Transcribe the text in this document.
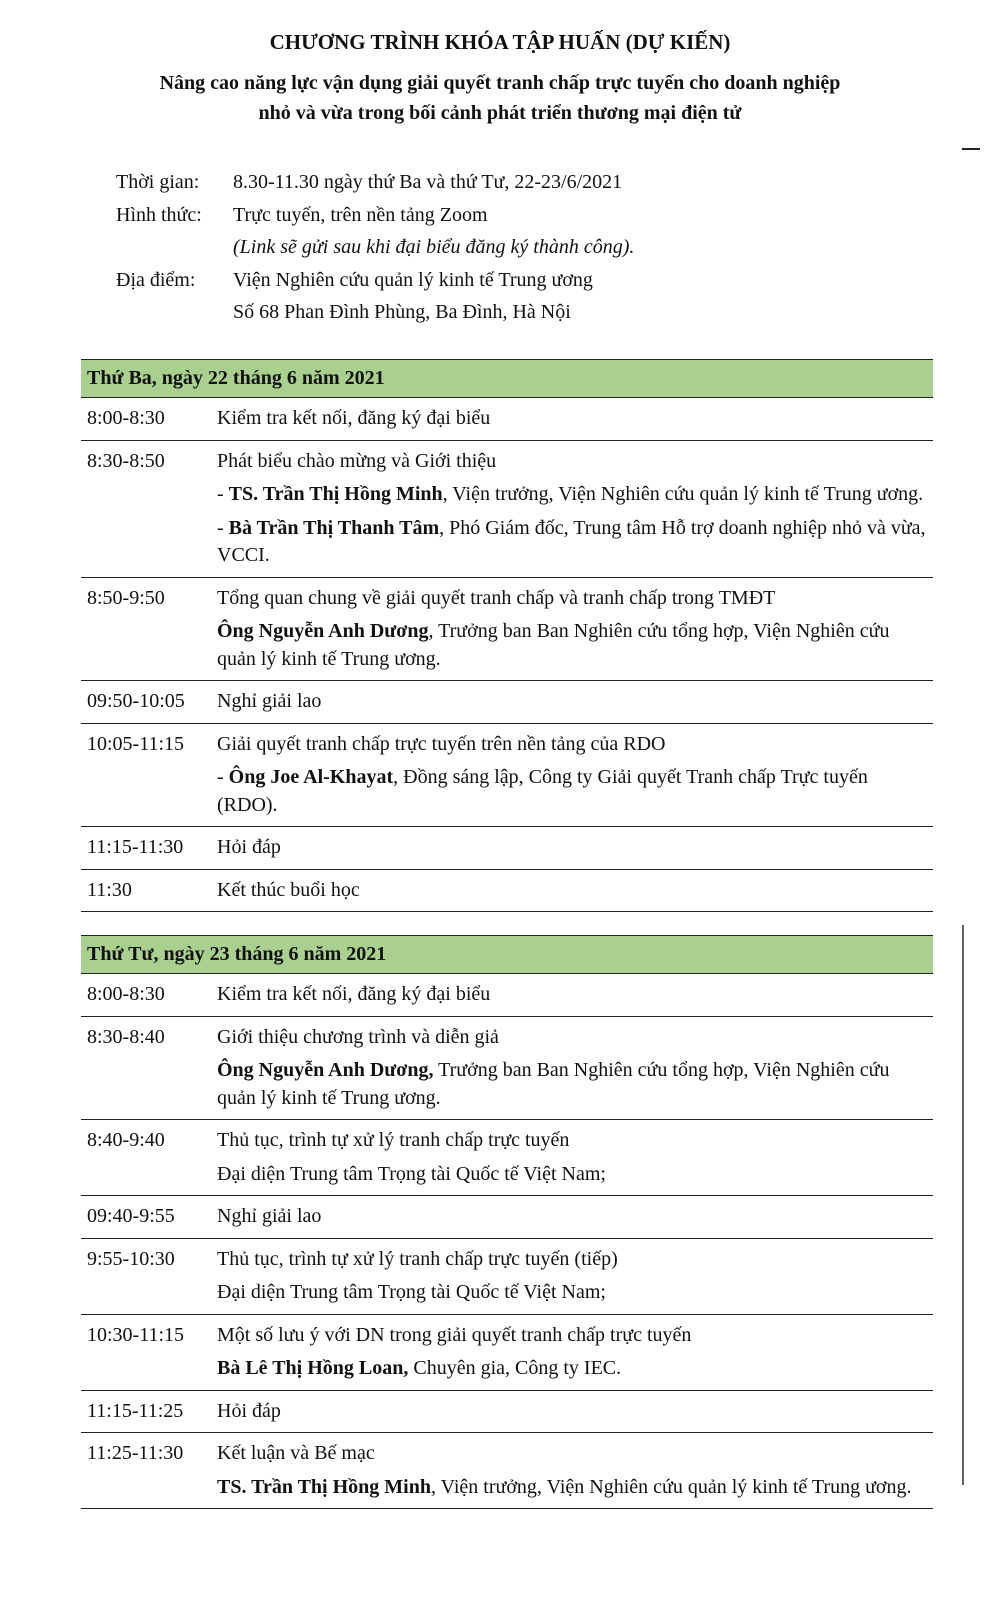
CHƯƠNG TRÌNH KHÓA TẬP HUẤN (DỰ KIẾN)
Nâng cao năng lực vận dụng giải quyết tranh chấp trực tuyến cho doanh nghiệp
nhỏ và vừa trong bối cảnh phát triển thương mại điện tử
Thời gian:	8.30-11.30 ngày thứ Ba và thứ Tư, 22-23/6/2021
Hình thức:	Trực tuyến, trên nền tảng Zoom
(Link sẽ gửi sau khi đại biểu đăng ký thành công).
Địa điểm:	Viện Nghiên cứu quản lý kinh tế Trung ương
Số 68 Phan Đình Phùng, Ba Đình, Hà Nội
Thứ Ba, ngày 22 tháng 6 năm 2021	
8:00-8:30	Kiểm tra kết nối, đăng ký đại biểu

8:30-8:50	Phát biểu chào mừng và Giới thiệu
- TS. Trần Thị Hồng Minh, Viện trưởng, Viện Nghiên cứu quản lý kinh tế Trung ương.
- Bà Trần Thị Thanh Tâm, Phó Giám đốc, Trung tâm Hỗ trợ doanh nghiệp nhỏ và vừa, VCCI.

8:50-9:50	Tổng quan chung về giải quyết tranh chấp và tranh chấp trong TMĐT
Ông Nguyễn Anh Dương, Trưởng ban Ban Nghiên cứu tổng hợp, Viện Nghiên cứu quản lý kinh tế Trung ương.

09:50-10:05	Nghỉ giải lao

10:05-11:15	Giải quyết tranh chấp trực tuyến trên nền tảng của RDO
- Ông Joe Al-Khayat, Đồng sáng lập, Công ty Giải quyết Tranh chấp Trực tuyến (RDO).

11:15-11:30	Hỏi đáp

11:30	Kết thúc buổi học
Thứ Tư, ngày 23 tháng 6 năm 2021	
8:00-8:30	Kiểm tra kết nối, đăng ký đại biểu

8:30-8:40	Giới thiệu chương trình và diễn giả
Ông Nguyễn Anh Dương, Trưởng ban Ban Nghiên cứu tổng hợp, Viện Nghiên cứu quản lý kinh tế Trung ương.

8:40-9:40	Thủ tục, trình tự xử lý tranh chấp trực tuyến
Đại diện Trung tâm Trọng tài Quốc tế Việt Nam;

09:40-9:55	Nghỉ giải lao

9:55-10:30	Thủ tục, trình tự xử lý tranh chấp trực tuyến (tiếp)
Đại diện Trung tâm Trọng tài Quốc tế Việt Nam;

10:30-11:15	Một số lưu ý với DN trong giải quyết tranh chấp trực tuyến
Bà Lê Thị Hồng Loan, Chuyên gia, Công ty IEC.

11:15-11:25	Hỏi đáp

11:25-11:30	Kết luận và Bế mạc
TS. Trần Thị Hồng Minh, Viện trưởng, Viện Nghiên cứu quản lý kinh tế Trung ương.
